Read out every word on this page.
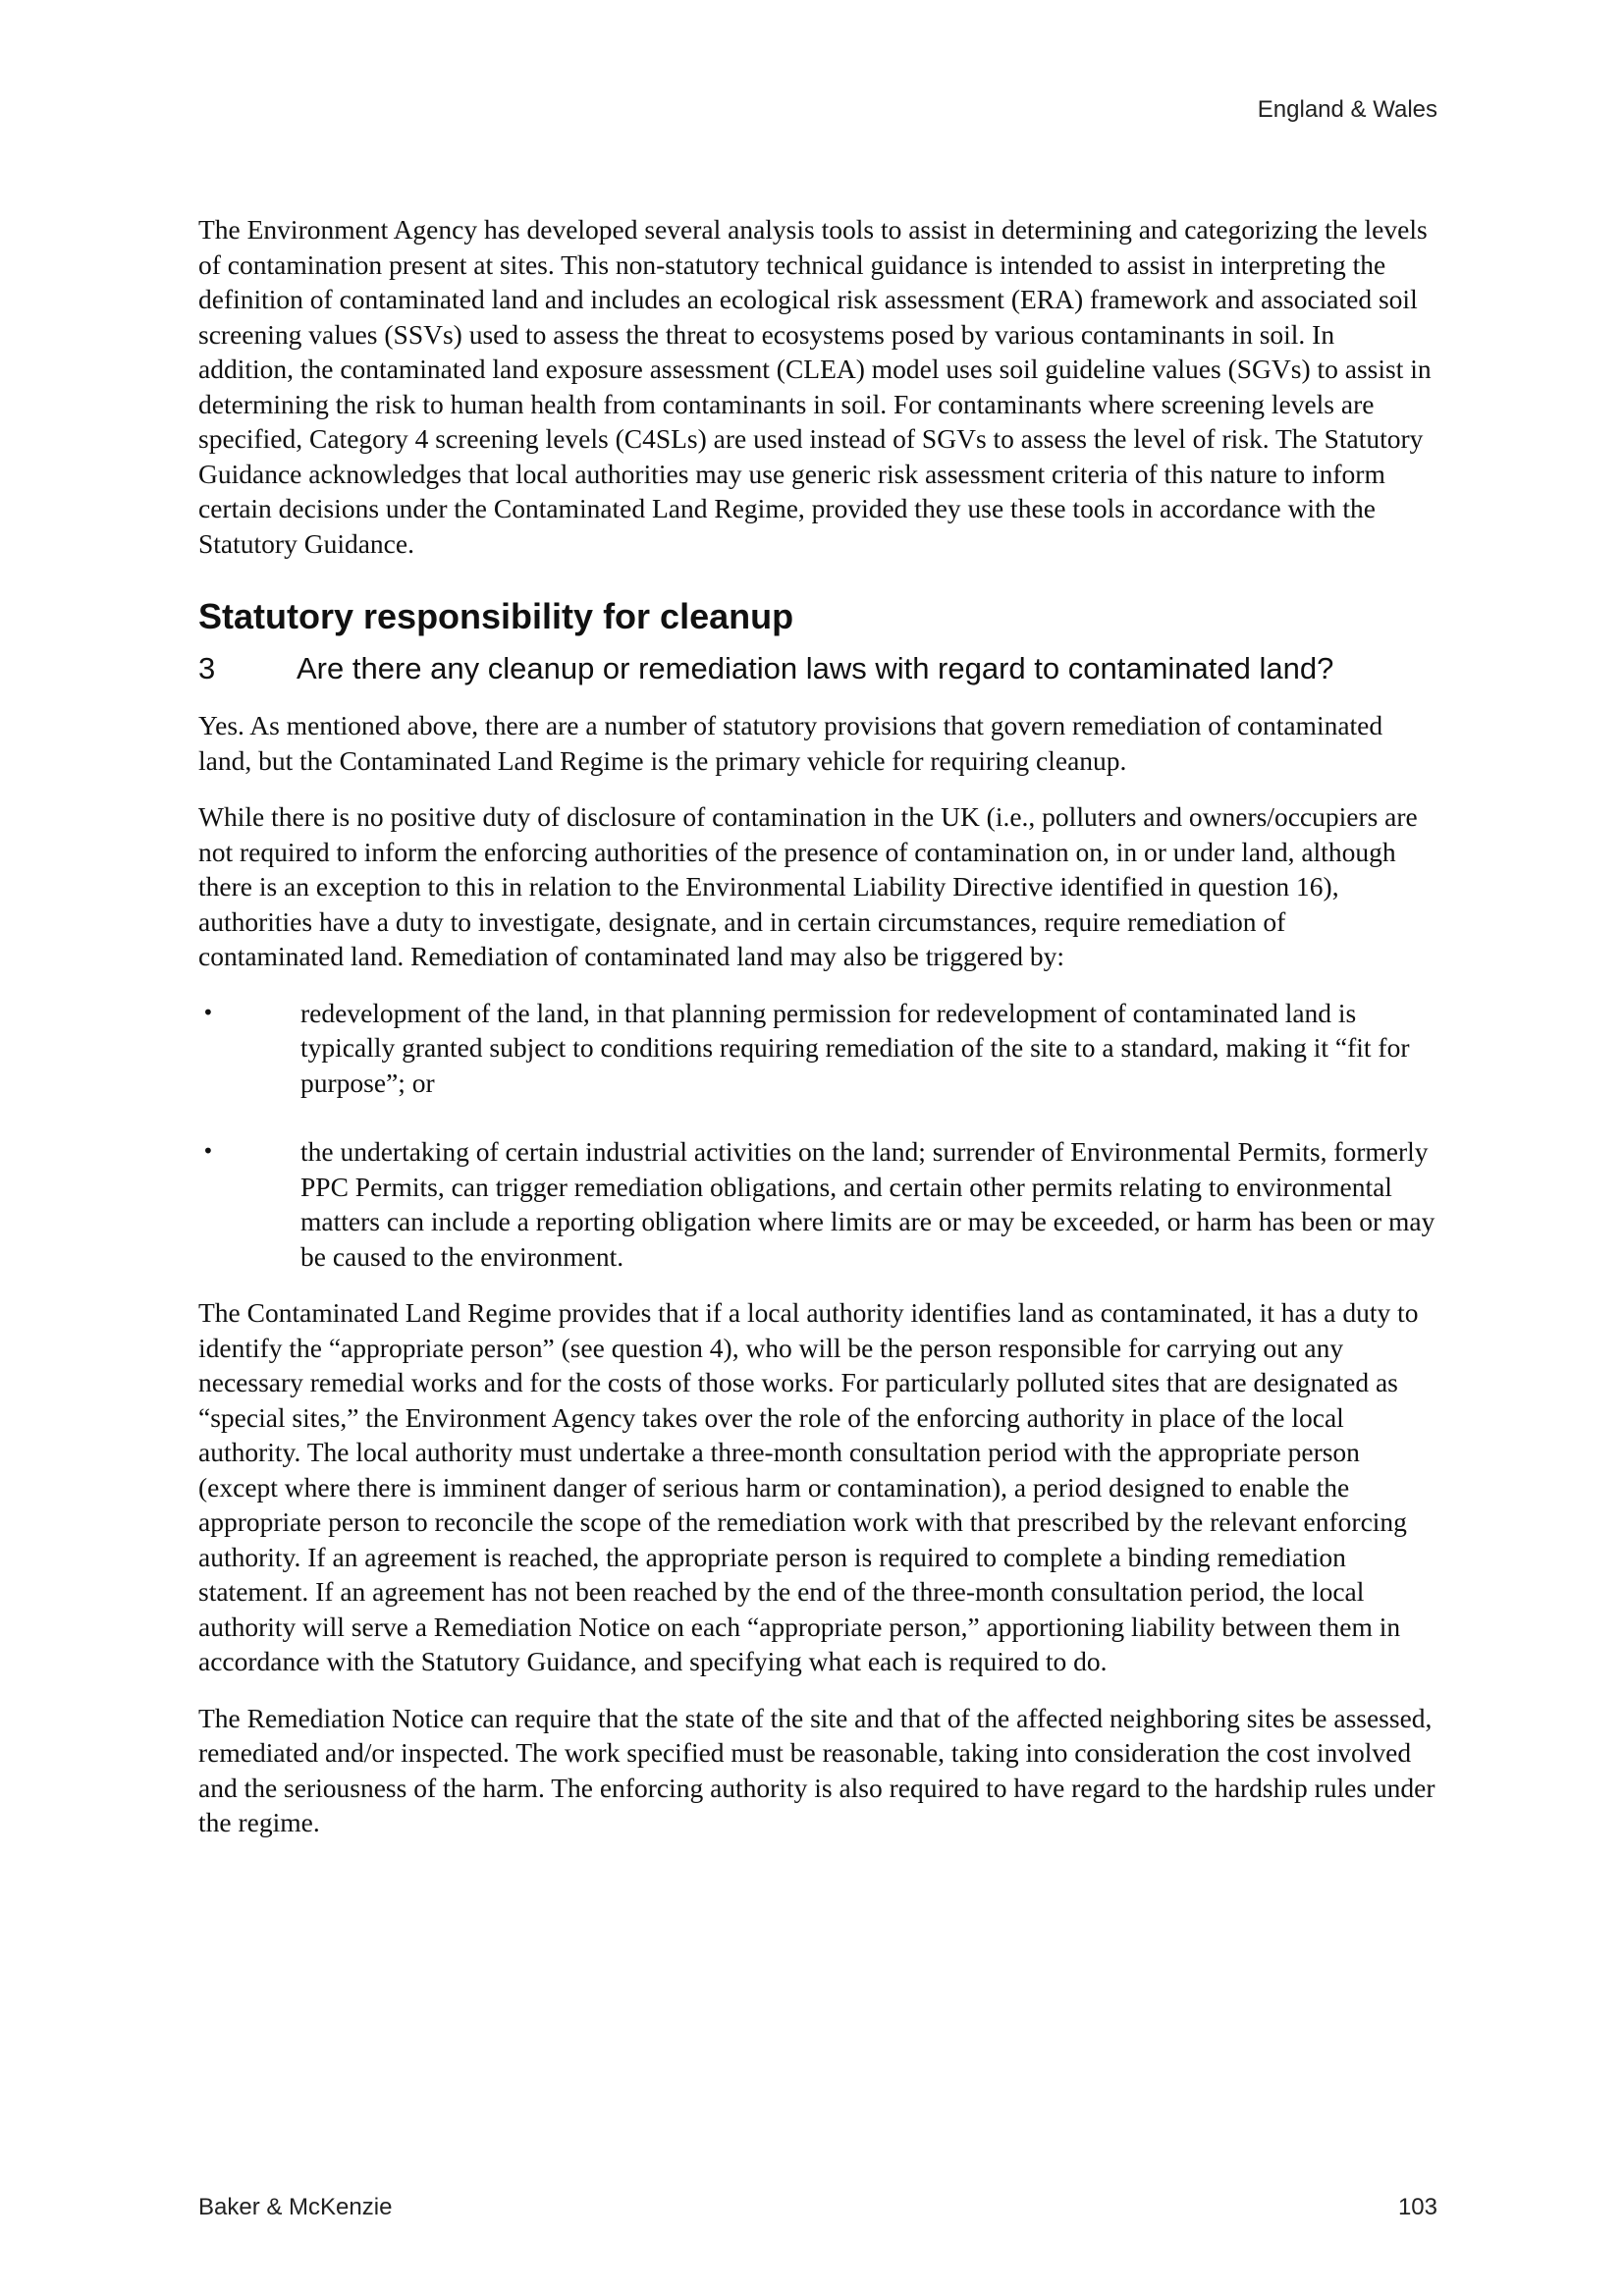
England & Wales

The Environment Agency has developed several analysis tools to assist in determining and categorizing the levels of contamination present at sites. This non-statutory technical guidance is intended to assist in interpreting the definition of contaminated land and includes an ecological risk assessment (ERA) framework and associated soil screening values (SSVs) used to assess the threat to ecosystems posed by various contaminants in soil. In addition, the contaminated land exposure assessment (CLEA) model uses soil guideline values (SGVs) to assist in determining the risk to human health from contaminants in soil. For contaminants where screening levels are specified, Category 4 screening levels (C4SLs) are used instead of SGVs to assess the level of risk. The Statutory Guidance acknowledges that local authorities may use generic risk assessment criteria of this nature to inform certain decisions under the Contaminated Land Regime, provided they use these tools in accordance with the Statutory Guidance.

Statutory responsibility for cleanup
3	Are there any cleanup or remediation laws with regard to contaminated land?

Yes. As mentioned above, there are a number of statutory provisions that govern remediation of contaminated land, but the Contaminated Land Regime is the primary vehicle for requiring cleanup.

While there is no positive duty of disclosure of contamination in the UK (i.e., polluters and owners/occupiers are not required to inform the enforcing authorities of the presence of contamination on, in or under land, although there is an exception to this in relation to the Environmental Liability Directive identified in question 16), authorities have a duty to investigate, designate, and in certain circumstances, require remediation of contaminated land. Remediation of contaminated land may also be triggered by:

•	redevelopment of the land, in that planning permission for redevelopment of contaminated land is typically granted subject to conditions requiring remediation of the site to a standard, making it “fit for purpose”; or
•	the undertaking of certain industrial activities on the land; surrender of Environmental Permits, formerly PPC Permits, can trigger remediation obligations, and certain other permits relating to environmental matters can include a reporting obligation where limits are or may be exceeded, or harm has been or may be caused to the environment.

The Contaminated Land Regime provides that if a local authority identifies land as contaminated, it has a duty to identify the “appropriate person” (see question 4), who will be the person responsible for carrying out any necessary remedial works and for the costs of those works. For particularly polluted sites that are designated as “special sites,” the Environment Agency takes over the role of the enforcing authority in place of the local authority. The local authority must undertake a three-month consultation period with the appropriate person (except where there is imminent danger of serious harm or contamination), a period designed to enable the appropriate person to reconcile the scope of the remediation work with that prescribed by the relevant enforcing authority. If an agreement is reached, the appropriate person is required to complete a binding remediation statement. If an agreement has not been reached by the end of the three-month consultation period, the local authority will serve a Remediation Notice on each “appropriate person,” apportioning liability between them in accordance with the Statutory Guidance, and specifying what each is required to do.

The Remediation Notice can require that the state of the site and that of the affected neighboring sites be assessed, remediated and/or inspected. The work specified must be reasonable, taking into consideration the cost involved and the seriousness of the harm. The enforcing authority is also required to have regard to the hardship rules under the regime.

Baker & McKenzie	103
